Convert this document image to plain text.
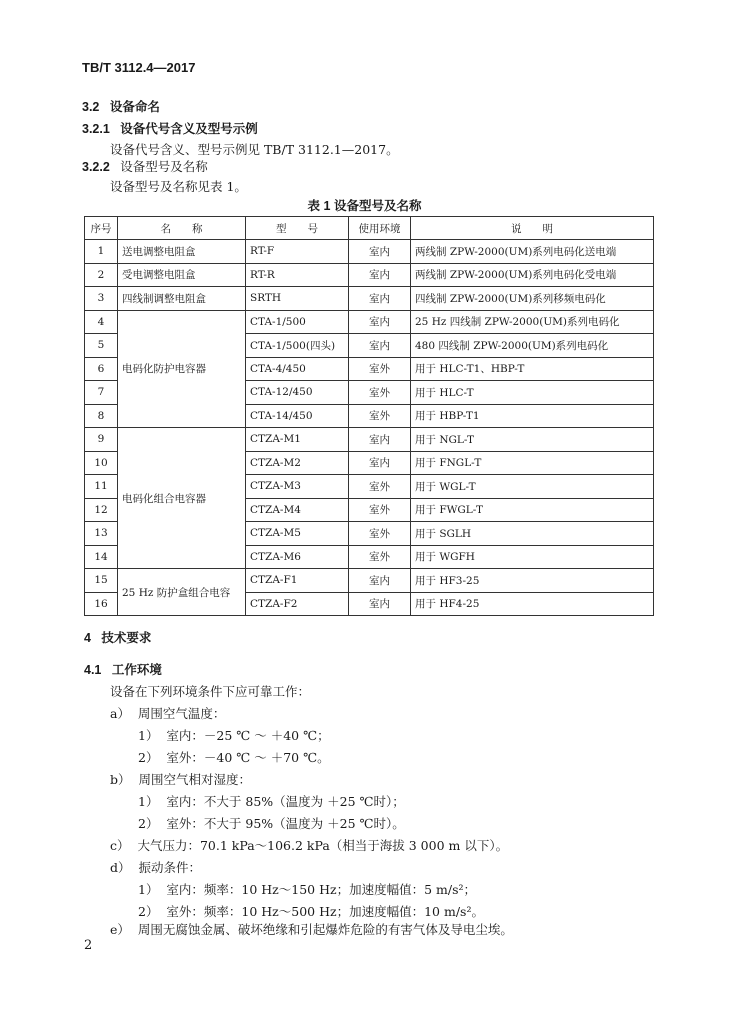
TB/T 3112.4—2017
3.2 设备命名
3.2.1 设备代号含义及型号示例
设备代号含义、型号示例见 TB/T 3112.1—2017。
3.2.2 设备型号及名称
设备型号及名称见表 1。
表 1 设备型号及名称
序号	名　　称	型　　号	使用环境	说　　明
1	送电调整电阻盒	RT-F	室内	两线制 ZPW-2000(UM)系列电码化送电端
2	受电调整电阻盒	RT-R	室内	两线制 ZPW-2000(UM)系列电码化受电端
3	四线制调整电阻盒	SRTH	室内	四线制 ZPW-2000(UM)系列移频电码化
4	电码化防护电容器	CTA-1/500	室内	25 Hz 四线制 ZPW-2000(UM)系列电码化
5		CTA-1/500(四头)	室内	480 四线制 ZPW-2000(UM)系列电码化
6		CTA-4/450	室外	用于 HLC-T1、HBP-T
7		CTA-12/450	室外	用于 HLC-T
8		CTA-14/450	室外	用于 HBP-T1
9	电码化组合电容器	CTZA-M1	室内	用于 NGL-T
10		CTZA-M2	室内	用于 FNGL-T
11		CTZA-M3	室外	用于 WGL-T
12		CTZA-M4	室外	用于 FWGL-T
13		CTZA-M5	室外	用于 SGLH
14		CTZA-M6	室外	用于 WGFH
15	25 Hz 防护盒组合电容	CTZA-F1	室内	用于 HF3-25
16		CTZA-F2	室内	用于 HF4-25
4 技术要求
4.1 工作环境
设备在下列环境条件下应可靠工作：
a） 周围空气温度：
1） 室内：－25 ℃ ～ ＋40 ℃；
2） 室外：－40 ℃ ～ ＋70 ℃。
b） 周围空气相对湿度：
1） 室内：不大于 85%（温度为 ＋25 ℃时）；
2） 室外：不大于 95%（温度为 ＋25 ℃时）。
c） 大气压力：70.1 kPa～106.2 kPa（相当于海拔 3 000 m 以下）。
d） 振动条件：
1） 室内：频率：10 Hz～150 Hz；加速度幅值：5 m/s²；
2） 室外：频率：10 Hz～500 Hz；加速度幅值：10 m/s²。
e） 周围无腐蚀金属、破坏绝缘和引起爆炸危险的有害气体及导电尘埃。
2
